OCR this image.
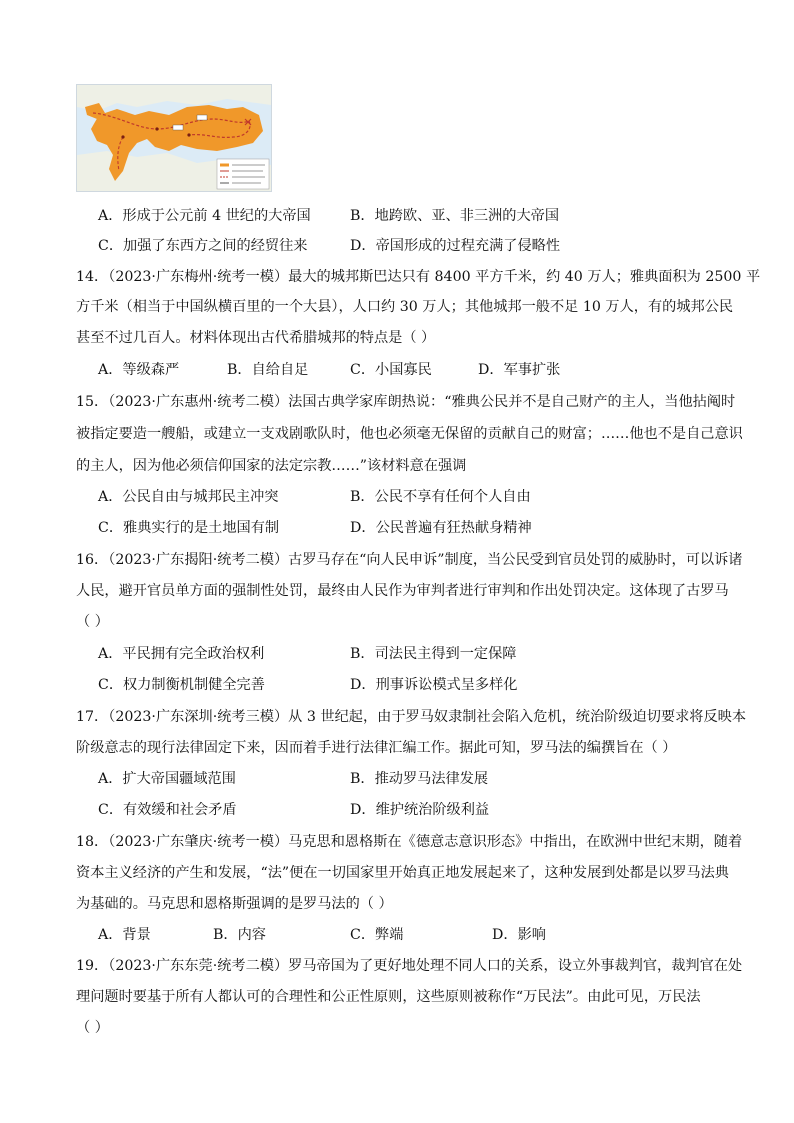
A．形成于公元前 4 世纪的大帝国	B．地跨欧、亚、非三洲的大帝国
C．加强了东西方之间的经贸往来	D．帝国形成的过程充满了侵略性
14．（2023·广东梅州·统考一模）最大的城邦斯巴达只有 8400 平方千米，约 40 万人；雅典面积为 2500 平
方千米（相当于中国纵横百里的一个大县），人口约 30 万人；其他城邦一般不足 10 万人，有的城邦公民
甚至不过几百人。材料体现出古代希腊城邦的特点是（ ）
A．等级森严	B．自给自足	C．小国寡民	D．军事扩张
15．（2023·广东惠州·统考二模）法国古典学家库朗热说：“雅典公民并不是自己财产的主人，当他拈阄时
被指定要造一艘船，或建立一支戏剧歌队时，他也必须毫无保留的贡献自己的财富；……他也不是自己意识
的主人，因为他必须信仰国家的法定宗教……”该材料意在强调
A．公民自由与城邦民主冲突	B．公民不享有任何个人自由
C．雅典实行的是土地国有制	D．公民普遍有狂热献身精神
16．（2023·广东揭阳·统考二模）古罗马存在“向人民申诉”制度，当公民受到官员处罚的威胁时，可以诉诸
人民，避开官员单方面的强制性处罚，最终由人民作为审判者进行审判和作出处罚决定。这体现了古罗马
（ ）
A．平民拥有完全政治权利	B．司法民主得到一定保障
C．权力制衡机制健全完善	D．刑事诉讼模式呈多样化
17．（2023·广东深圳·统考三模）从 3 世纪起，由于罗马奴隶制社会陷入危机，统治阶级迫切要求将反映本
阶级意志的现行法律固定下来，因而着手进行法律汇编工作。据此可知，罗马法的编撰旨在（ ）
A．扩大帝国疆域范围	B．推动罗马法律发展
C．有效缓和社会矛盾	D．维护统治阶级利益
18．（2023·广东肇庆·统考一模）马克思和恩格斯在《德意志意识形态》中指出，在欧洲中世纪末期，随着
资本主义经济的产生和发展，“法”便在一切国家里开始真正地发展起来了，这种发展到处都是以罗马法典
为基础的。马克思和恩格斯强调的是罗马法的（ ）
A．背景	B．内容	C．弊端	D．影响
19．（2023·广东东莞·统考二模）罗马帝国为了更好地处理不同人口的关系，设立外事裁判官，裁判官在处
理问题时要基于所有人都认可的合理性和公正性原则，这些原则被称作“万民法”。由此可见，万民法
（ ）
